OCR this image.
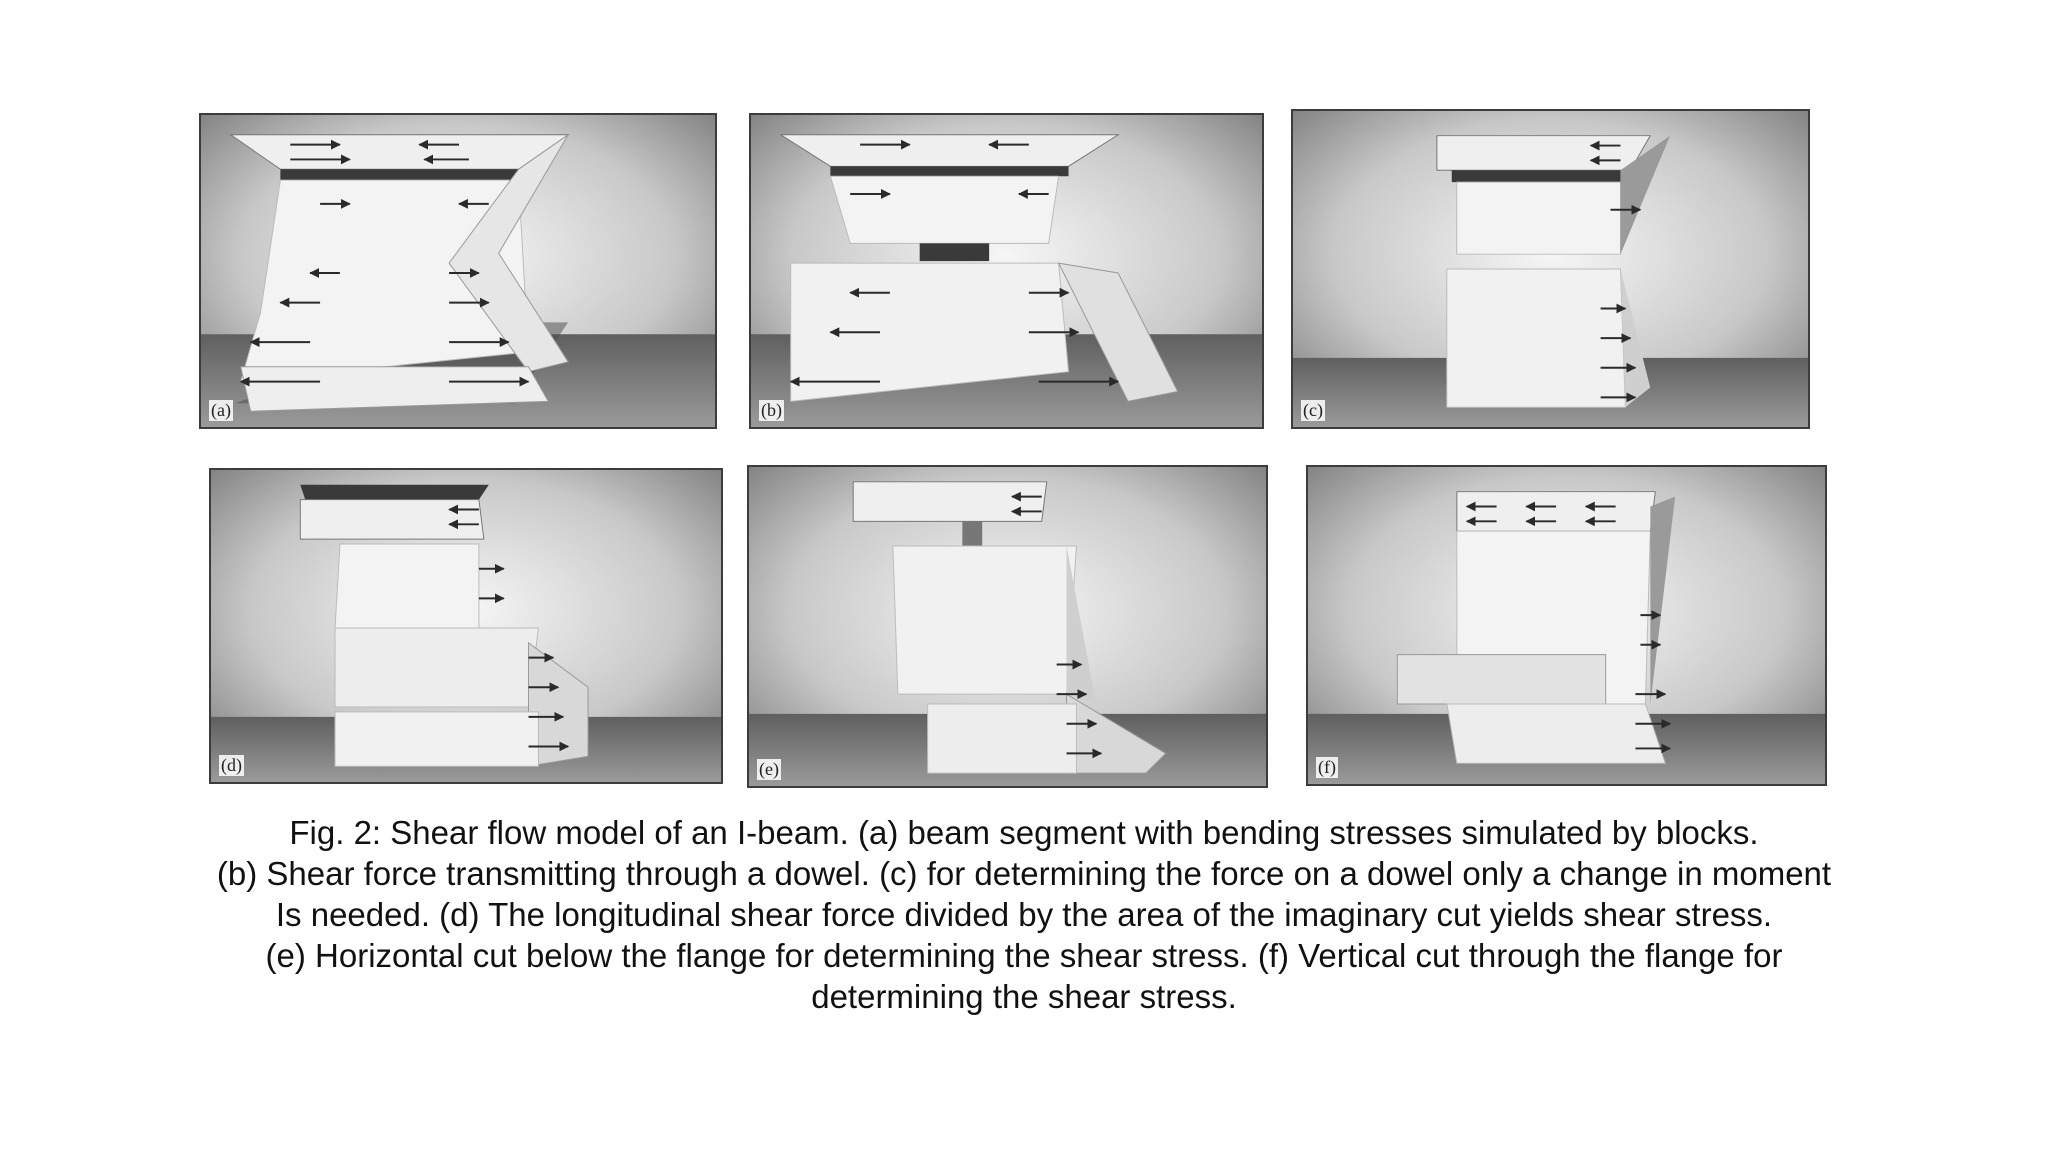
(a)	(b)	(c)
(d)	(e)	(f)
Fig. 2: Shear flow model of an I-beam. (a) beam segment with bending stresses simulated by blocks.
(b) Shear force transmitting through a dowel. (c) for determining the force on a dowel only a change in moment
Is needed. (d) The longitudinal shear force divided by the area of the imaginary cut yields shear stress.
(e) Horizontal cut below the flange for determining the shear stress. (f) Vertical cut through the flange for
determining the shear stress.
